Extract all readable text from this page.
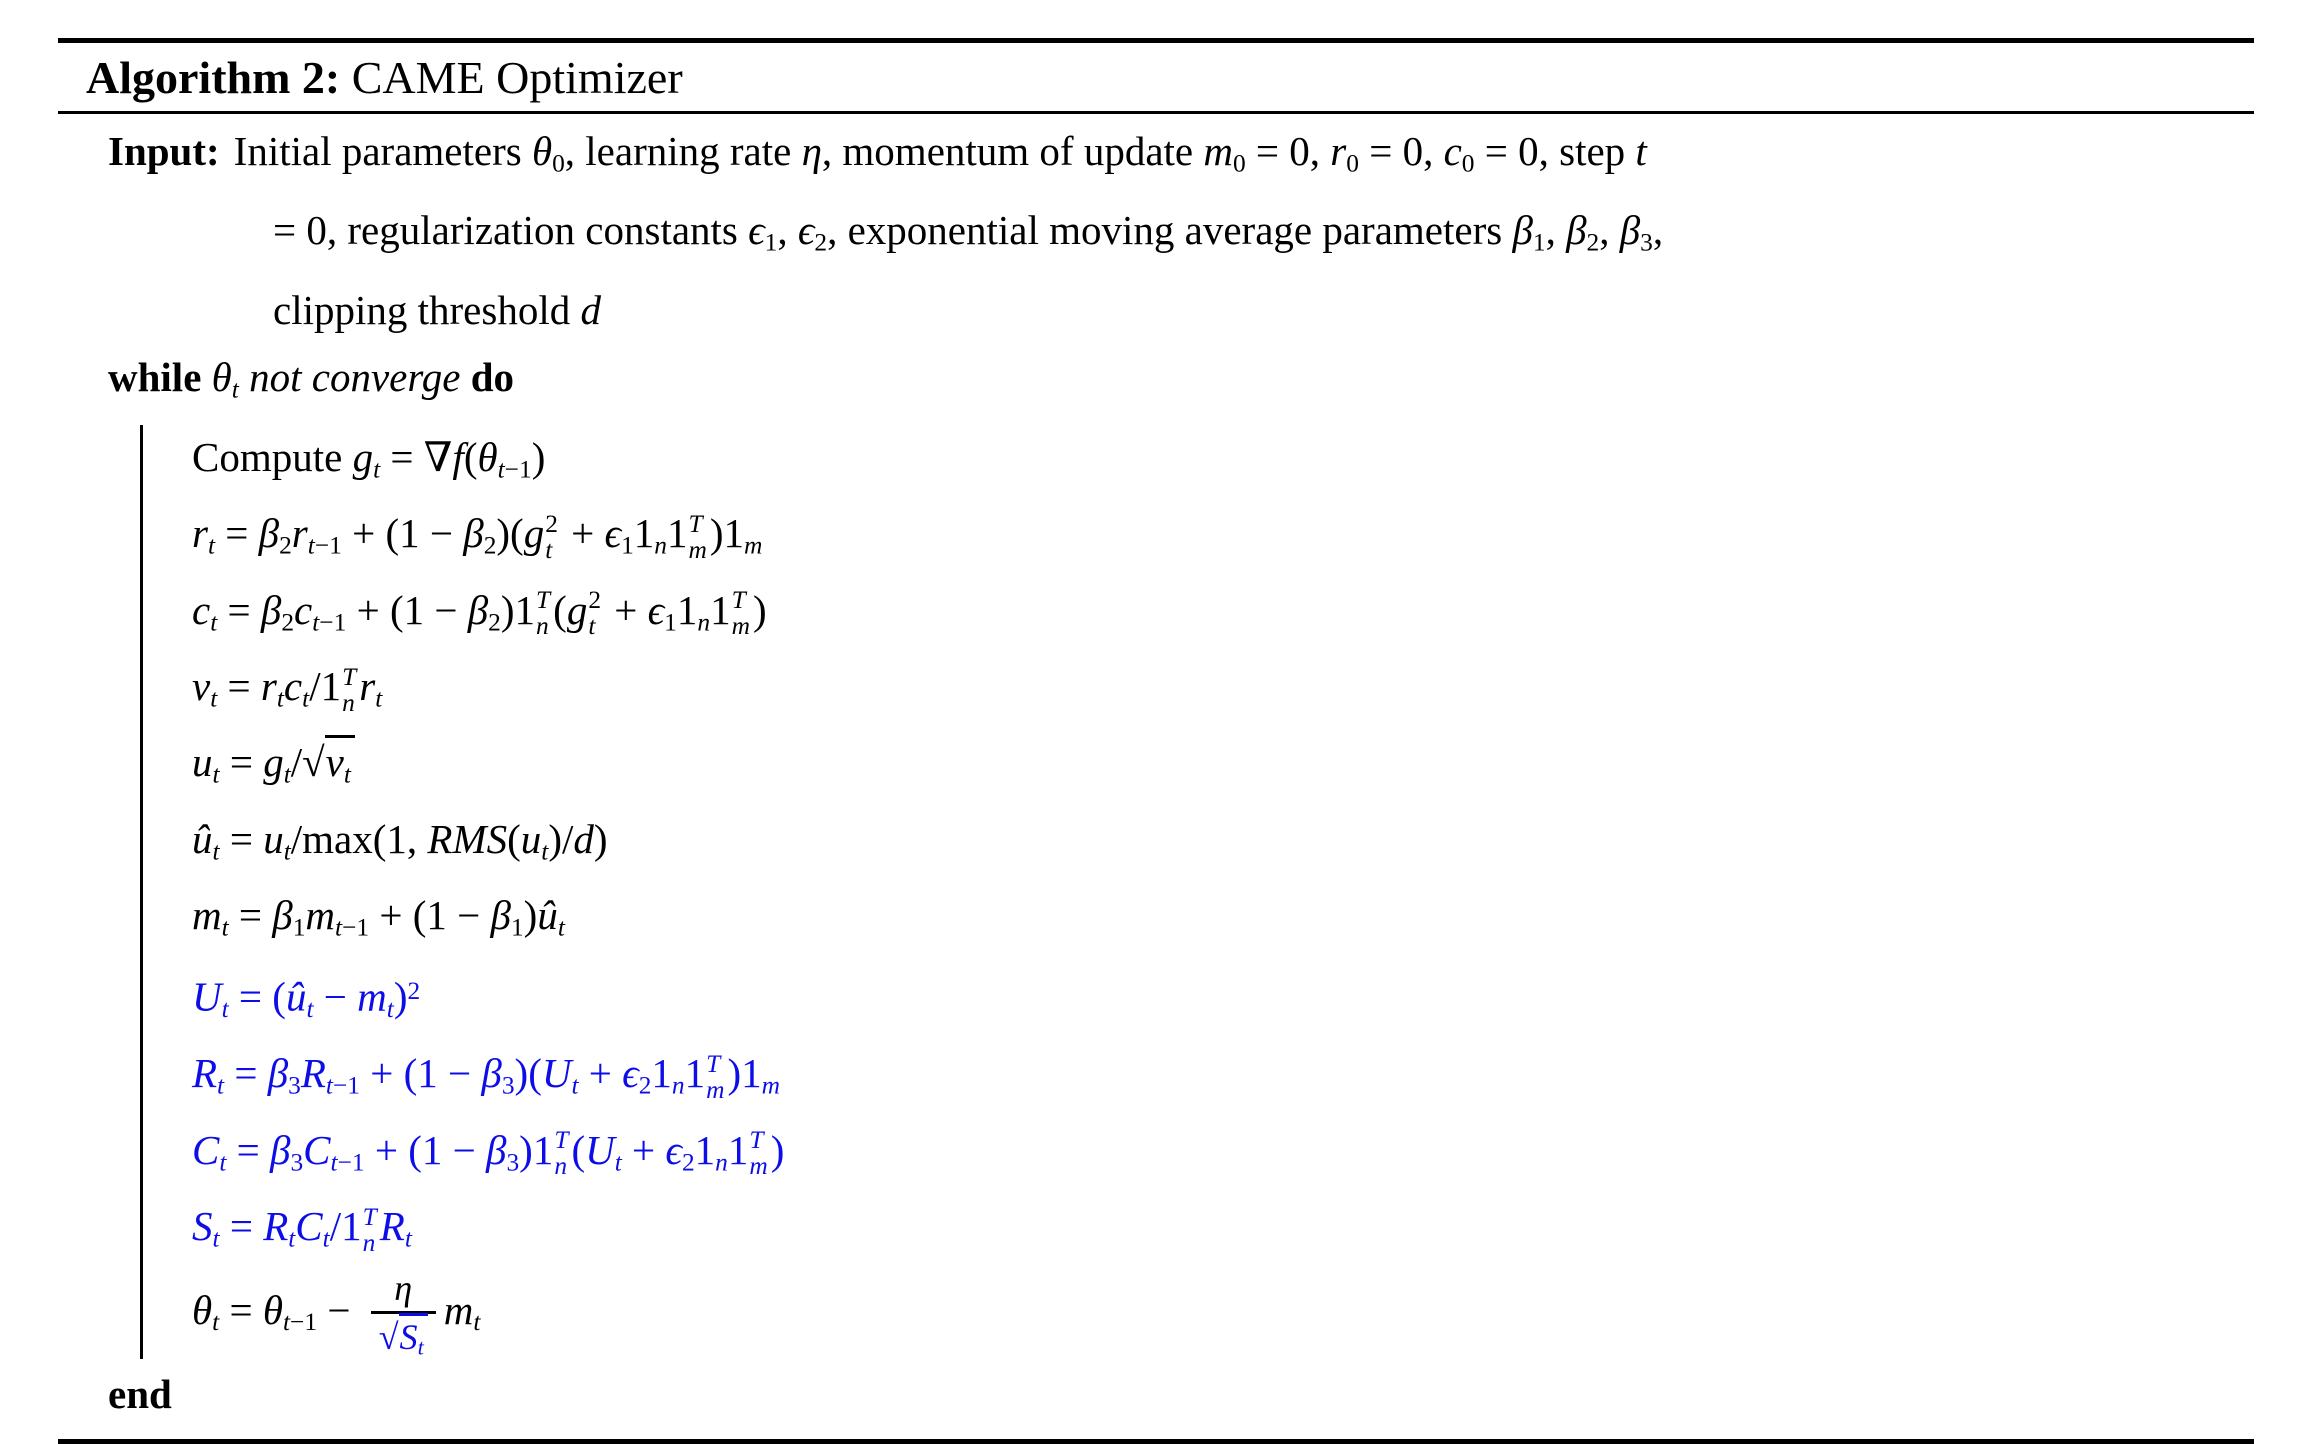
Algorithm 2: CAME Optimizer
Input: Initial parameters $\theta_0$, learning rate η, momentum of update $m_0 = 0$, $r_0 = 0$, $c_0 = 0$, step t
= 0, regularization constants $\epsilon_1$, $\epsilon_2$, exponential moving average parameters $\beta_1$, $\beta_2$, $\beta_3$,
clipping threshold d
while $\theta_t$ not converge do
Compute $g_t = \nabla f(\theta_{t-1})$
$r_t = \beta_2r_{t-1} + (1 - \beta_2)(g$ 2
$t + \epsilon_11_n1$ T
m )$1_m$
$c_t = \beta_2c_{t-1} + (1 - \beta_2)1$ T
n (g 2
$t + \epsilon_11_n1$ T
m )
$v_t = r_tc_t/1$ T
n $r_t$
$u_t = g_t/√v_t$
$û_t = u_t/\max(1$, $RMS(u_t)/d$)
$m_t = \beta_1m_{t-1} + (1$ − $\beta_1)û_t$
$U_t$ = $(û_t - m_t)^2$
$R_t = \beta_3R_{t-1} + (1 - \beta_3)(U_t + \epsilon_21_n1$ T
m )$1_m$
$C_t = \beta_3C_{t-1} + (1 - \beta_3)1$ T
n ($U_t + \epsilon_21_n1$ T
m )
$S_t = R_tC_t/1$ T
n $R_t$
$\theta_t = \theta_{t-1} - \frac{\eta}{√S_t} m_t$
end
